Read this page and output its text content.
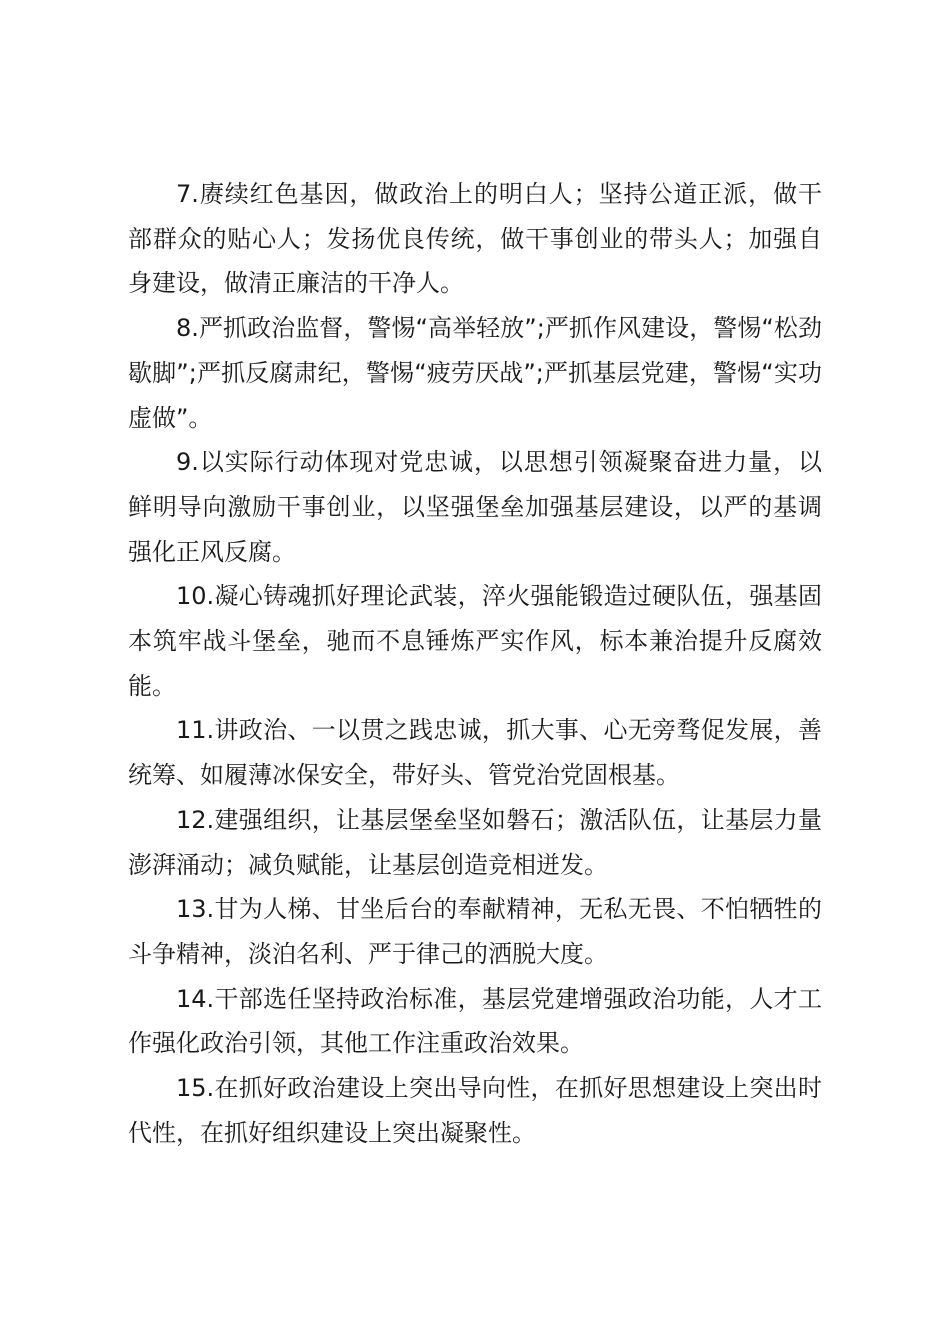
7.赓续红色基因，做政治上的明白人；坚持公道正派，做干部群众的贴心人；发扬优良传统，做干事创业的带头人；加强自身建设，做清正廉洁的干净人。

8.严抓政治监督，警惕“高举轻放”;严抓作风建设，警惕“松劲歇脚”;严抓反腐肃纪，警惕“疲劳厌战”;严抓基层党建，警惕“实功虚做”。

9.以实际行动体现对党忠诚，以思想引领凝聚奋进力量，以鲜明导向激励干事创业，以坚强堡垒加强基层建设，以严的基调强化正风反腐。

10.凝心铸魂抓好理论武装，淬火强能锻造过硬队伍，强基固本筑牢战斗堡垒，驰而不息锤炼严实作风，标本兼治提升反腐效能。

11.讲政治、一以贯之践忠诚，抓大事、心无旁骛促发展，善统筹、如履薄冰保安全，带好头、管党治党固根基。

12.建强组织，让基层堡垒坚如磐石；激活队伍，让基层力量澎湃涌动；减负赋能，让基层创造竞相迸发。

13.甘为人梯、甘坐后台的奉献精神，无私无畏、不怕牺牲的斗争精神，淡泊名利、严于律己的洒脱大度。

14.干部选任坚持政治标准，基层党建增强政治功能，人才工作强化政治引领，其他工作注重政治效果。

15.在抓好政治建设上突出导向性，在抓好思想建设上突出时代性，在抓好组织建设上突出凝聚性。
